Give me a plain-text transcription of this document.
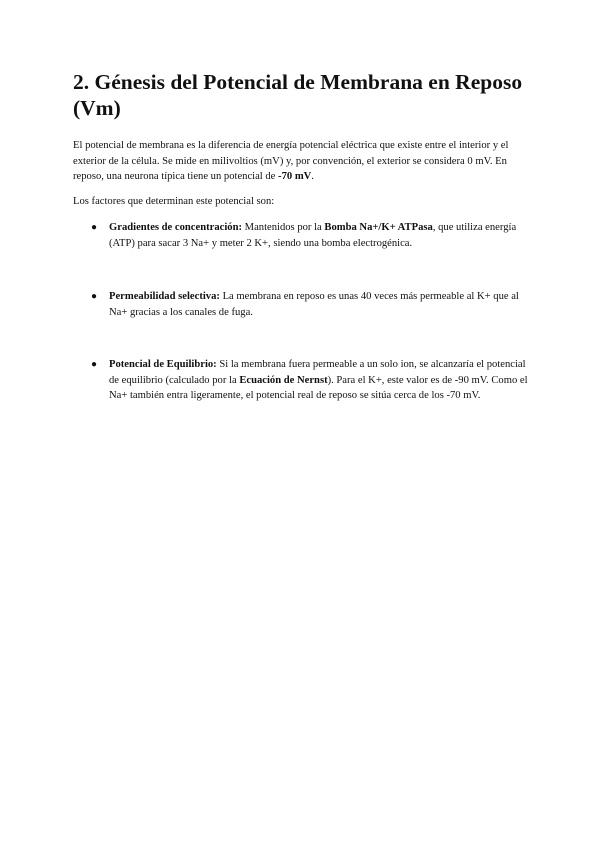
2. Génesis del Potencial de Membrana en Reposo (Vm)

El potencial de membrana es la diferencia de energía potencial eléctrica que existe entre el interior y el exterior de la célula. Se mide en milivoltios (mV) y, por convención, el exterior se considera 0 mV. En reposo, una neurona típica tiene un potencial de -70 mV.

Los factores que determinan este potencial son:

● Gradientes de concentración: Mantenidos por la Bomba Na+/K+ ATPasa, que utiliza energía (ATP) para sacar 3 Na+ y meter 2 K+, siendo una bomba electrogénica.
● Permeabilidad selectiva: La membrana en reposo es unas 40 veces más permeable al K+ que al Na+ gracias a los canales de fuga.
● Potencial de Equilibrio: Si la membrana fuera permeable a un solo ion, se alcanzaría el potencial de equilibrio (calculado por la Ecuación de Nernst). Para el K+, este valor es de -90 mV. Como el Na+ también entra ligeramente, el potencial real de reposo se sitúa cerca de los -70 mV.
